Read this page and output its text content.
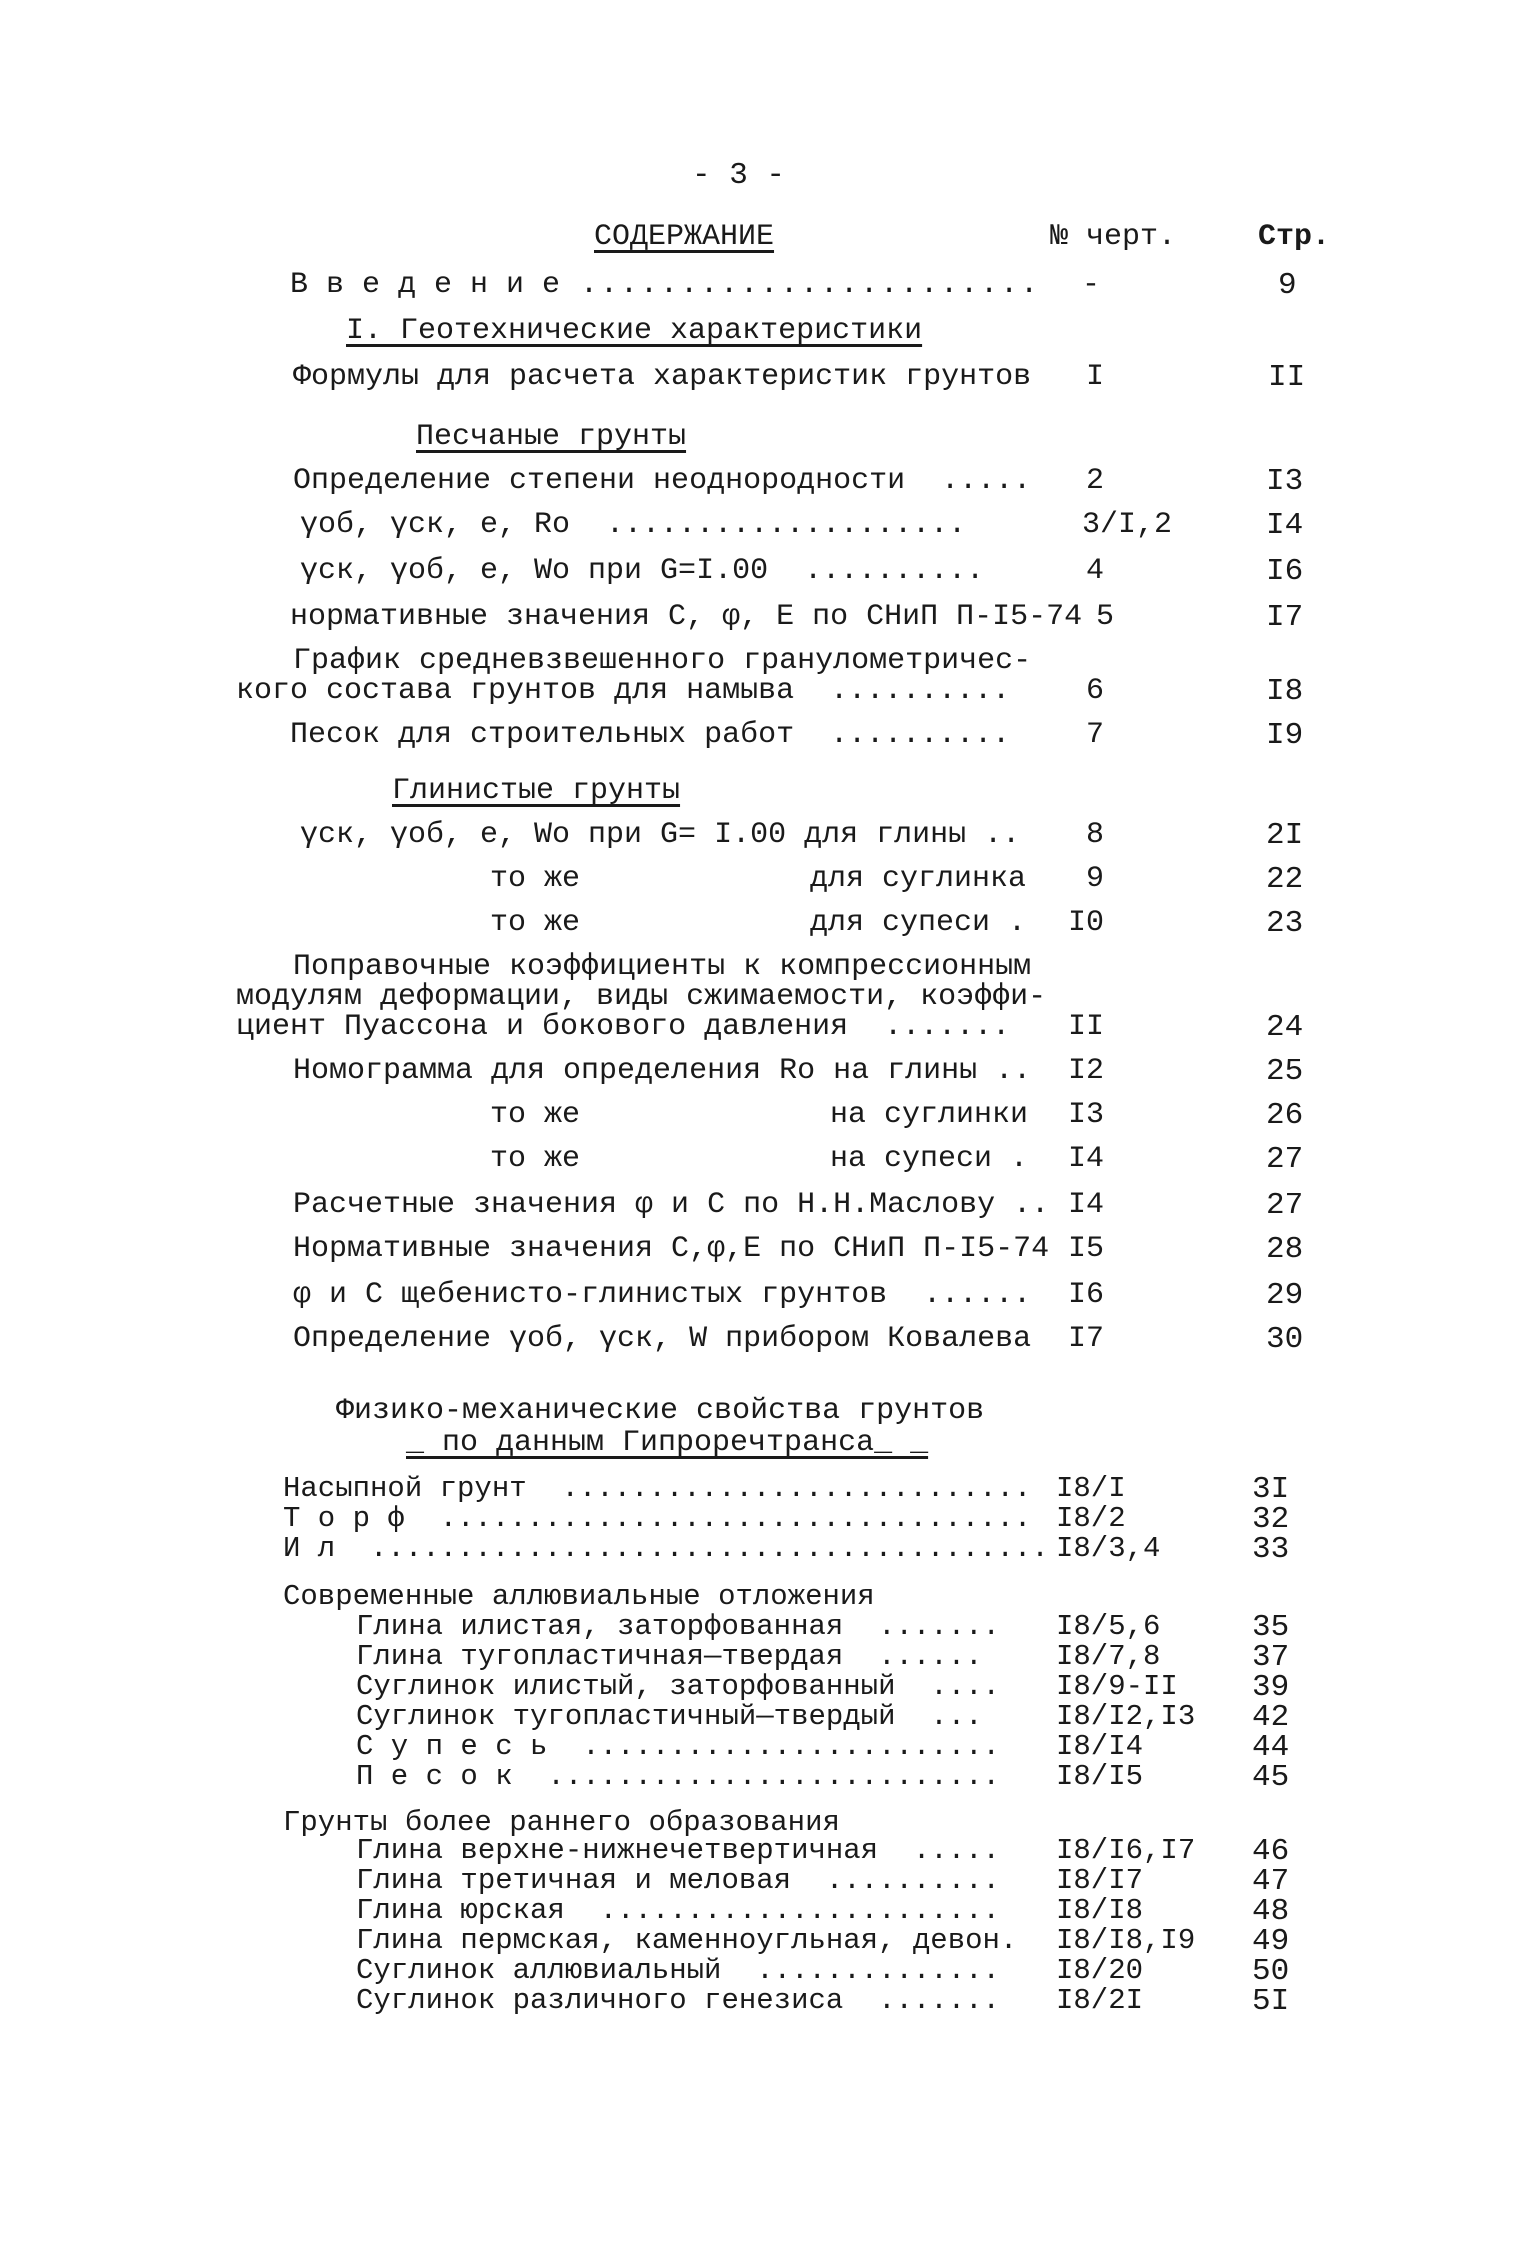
- 3 -
СОДЕРЖАНИЕ	№ черт.	Стр.
В в е д е н и е ....................... -	9
I. Геотехнические характеристики
Формулы для расчета характеристик грунтов I	II
Песчаные грунты
Определение степени неоднородности  ..... 2	I3
γоб, γск, е, Rо  ....................	3/I,2	I4
γск, γоб, е, Wо при G=I.00  ..........	4	I6
нормативные значения С, φ, Е по СНиП П-I5-74 5	I7
График средневзвешенного гранулометричес-
кого состава грунтов для намыва  ..........	6	I8
Песок для строительных работ  ..........	7	I9
Глинистые грунты
γск, γоб, е, Wо при G= I.00 для глины .. 8	2I
то же	для суглинка 9	22
то же	для супеси . I0	23
Поправочные коэффициенты к компрессионным
модулям деформации, виды сжимаемости, коэффи-
циент Пуассона и бокового давления  ....... II	24
Номограмма для определения Rо на глины .. I2	25
то же	на суглинки I3	26
то же	на супеси . I4	27
Расчетные значения φ и С по Н.Н.Маслову .. I4	27
Нормативные значения С,φ,Е по СНиП П-I5-74 I5	28
φ и С щебенисто-глинистых грунтов  ...... I6	29
Определение γоб, γск, W прибором Ковалева I7	30
Физико-механические свойства грунтов
_ по данным Гипроречтранса_ _
Насыпной грунт  ........................... I8/I	3I
Т о р ф  .................................. I8/2	32
И л  ....................................... I8/3,4	33
Современные аллювиальные отложения
Глина илистая, заторфованная  ....... I8/5,6	35
Глина тугопластичная—твердая  ......	I8/7,8	37
Суглинок илистый, заторфованный  .... I8/9-II 39
Суглинок тугопластичный—твердый  ...	I8/I2,I3 42
С у п е с ь  ........................ I8/I4	44
П е с о к  .......................... I8/I5	45
Грунты более раннего образования
Глина верхне-нижнечетвертичная  ..... I8/I6,I7 46
Глина третичная и меловая  .......... I8/I7	47
Глина юрская  ....................... I8/I8	48
Глина пермская, каменноугльная, девон. I8/I8,I9 49
Суглинок аллювиальный  .............. I8/20	50
Суглинок различного генезиса  ....... I8/2I	5I
